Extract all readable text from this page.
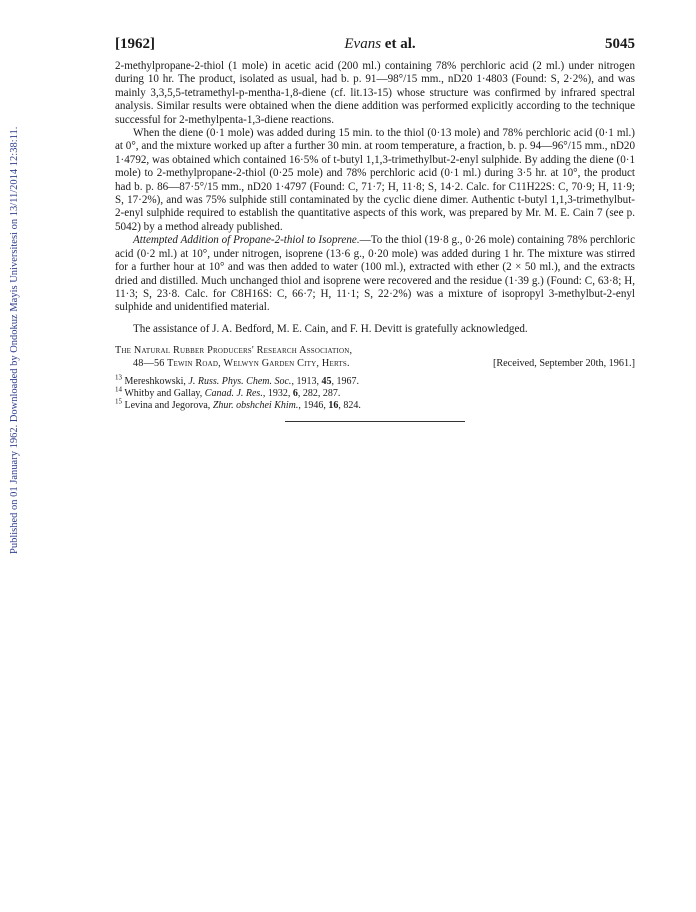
Published on 01 January 1962. Downloaded by Ondokuz Mayis Universitesi on 13/11/2014 12:38:11.
[1962]	Evans et al.	5045

2-methylpropane-2-thiol (1 mole) in acetic acid (200 ml.) containing 78% perchloric acid (2 ml.) under nitrogen during 10 hr. The product, isolated as usual, had b. p. 91—98°/15 mm., nD20 1·4803 (Found: S, 2·2%), and was mainly 3,3,5,5-tetramethyl-p-mentha-1,8-diene (cf. lit.13-15) whose structure was confirmed by infrared spectral analysis. Similar results were obtained when the diene addition was performed explicitly according to the technique successful for 2-methylpenta-1,3-diene reactions.

When the diene (0·1 mole) was added during 15 min. to the thiol (0·13 mole) and 78% perchloric acid (0·1 ml.) at 0°, and the mixture worked up after a further 30 min. at room temperature, a fraction, b. p. 94—96°/15 mm., nD20 1·4792, was obtained which contained 16·5% of t-butyl 1,1,3-trimethylbut-2-enyl sulphide. By adding the diene (0·1 mole) to 2-methylpropane-2-thiol (0·25 mole) and 78% perchloric acid (0·1 ml.) during 3·5 hr. at 10°, the product had b. p. 86—87·5°/15 mm., nD20 1·4797 (Found: C, 71·7; H, 11·8; S, 14·2. Calc. for C11H22S: C, 70·9; H, 11·9; S, 17·2%), and was 75% sulphide still contaminated by the cyclic diene dimer. Authentic t-butyl 1,1,3-trimethylbut-2-enyl sulphide required to establish the quantitative aspects of this work, was prepared by Mr. M. E. Cain 7 (see p. 5042) by a method already published.

Attempted Addition of Propane-2-thiol to Isoprene.—To the thiol (19·8 g., 0·26 mole) containing 78% perchloric acid (0·2 ml.) at 10°, under nitrogen, isoprene (13·6 g., 0·20 mole) was added during 1 hr. The mixture was stirred for a further hour at 10° and was then added to water (100 ml.), extracted with ether (2 × 50 ml.), and the extracts dried and distilled. Much unchanged thiol and isoprene were recovered and the residue (1·39 g.) (Found: C, 63·8; H, 11·3; S, 23·8. Calc. for C8H16S: C, 66·7; H, 11·1; S, 22·2%) was a mixture of isopropyl 3-methylbut-2-enyl sulphide and unidentified material.

The assistance of J. A. Bedford, M. E. Cain, and F. H. Devitt is gratefully acknowledged.

The Natural Rubber Producers' Research Association,
48—56 Tewin Road, Welwyn Garden City, Herts.	[Received, September 20th, 1961.]
$^{13}$ Mereshkowski, J. Russ. Phys. Chem. Soc., 1913, 45, 1967.
$^{14}$ Whitby and Gallay, Canad. J. Res., 1932, 6, 282, 287.
$^{15}$ Levina and Jegorova, Zhur. obshchei Khim., 1946, 16, 824.
